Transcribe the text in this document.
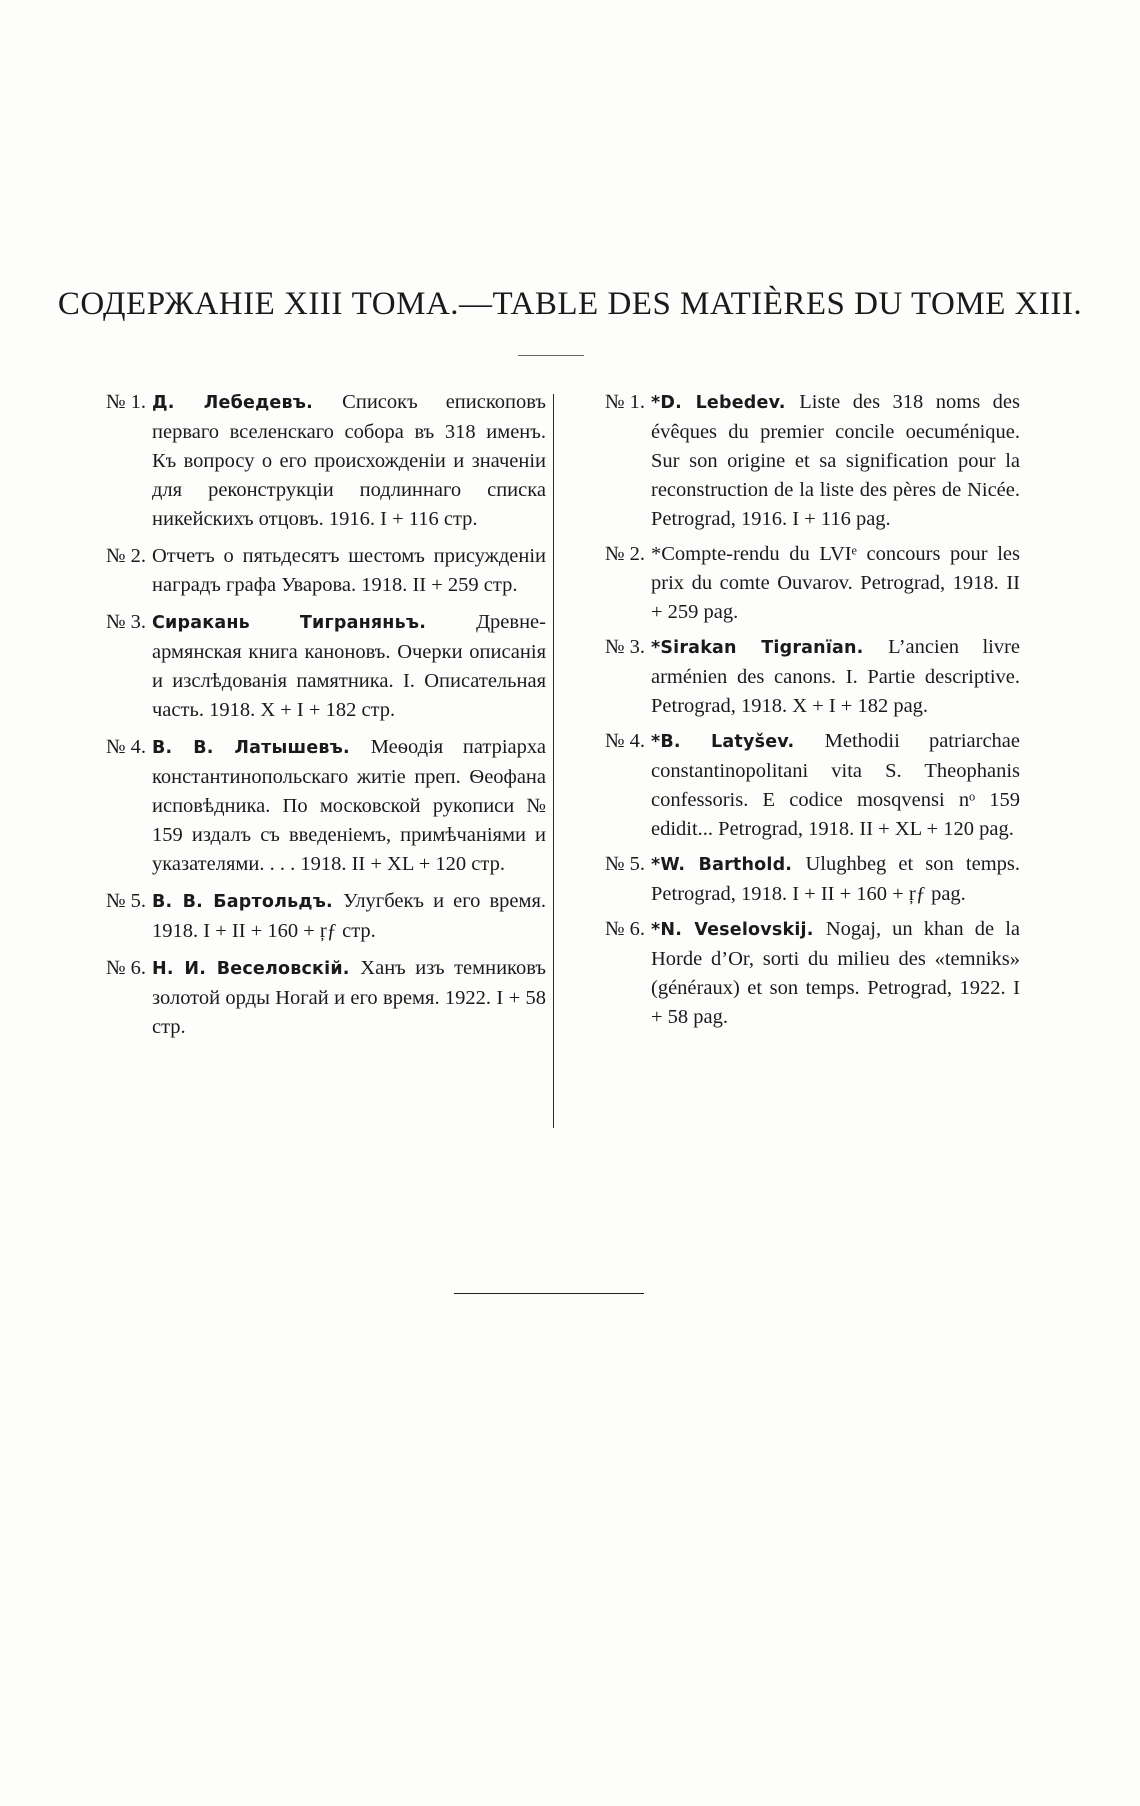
СОДЕРЖАНІЕ XIII ТОМА.—TABLE DES MATIÈRES DU TOME XIII.
№ 1. Д. Лебедевъ. Списокъ епископовъ перваго вселенскаго собора въ 318 именъ. Къ вопросу о его происхожденіи и значеніи для реконструкціи подлиннаго списка никейскихъ отцовъ. 1916. I + 116 стр.
№ 2. Отчетъ о пятьдесятъ шестомъ присужденіи наградъ графа Уварова. 1918. II + 259 стр.
№ 3. Сиракань Тиграняньъ. Древне-армянская книга каноновъ. Очерки описанія и изслѣдованія памятника. I. Описательная часть. 1918. X + I + 182 стр.
№ 4. В. В. Латышевъ. Меѳодія патріарха константинопольскаго житіе преп. Ѳеофана исповѣдника. По московской рукописи № 159 издалъ съ введеніемъ, примѣчаніями и указателями. . . . 1918. II + XL + 120 стр.
№ 5. В. В. Бартольдъ. Улугбекъ и его время. 1918. I + II + 160 + ŗƒ стр.
№ 6. Н. И. Веселовскій. Ханъ изъ темниковъ золотой орды Ногай и его время. 1922. I + 58 стр.
№ 1. *D. Lebedev. Liste des 318 noms des évêques du premier concile oecuménique. Sur son origine et sa signification pour la reconstruction de la liste des pères de Nicée. Petrograd, 1916. I + 116 pag.
№ 2. *Compte-rendu du LVIᵉ concours pour les prix du comte Ouvarov. Petrograd, 1918. II + 259 pag.
№ 3. *Sirakan Tigranïan. L’ancien livre arménien des canons. I. Partie descriptive. Petrograd, 1918. X + I + 182 pag.
№ 4. *B. Latyšev. Methodii patriarchae constantinopolitani vita S. Theophanis confessoris. E codice mosqvensi nᵒ 159 edidit... Petrograd, 1918. II + XL + 120 pag.
№ 5. *W. Barthold. Ulughbeg et son temps. Petrograd, 1918. I + II + 160 + ŗƒ pag.
№ 6. *N. Veselovskij. Nogaj, un khan de la Horde d’Or, sorti du milieu des «temniks» (généraux) et son temps. Petrograd, 1922. I + 58 pag.
